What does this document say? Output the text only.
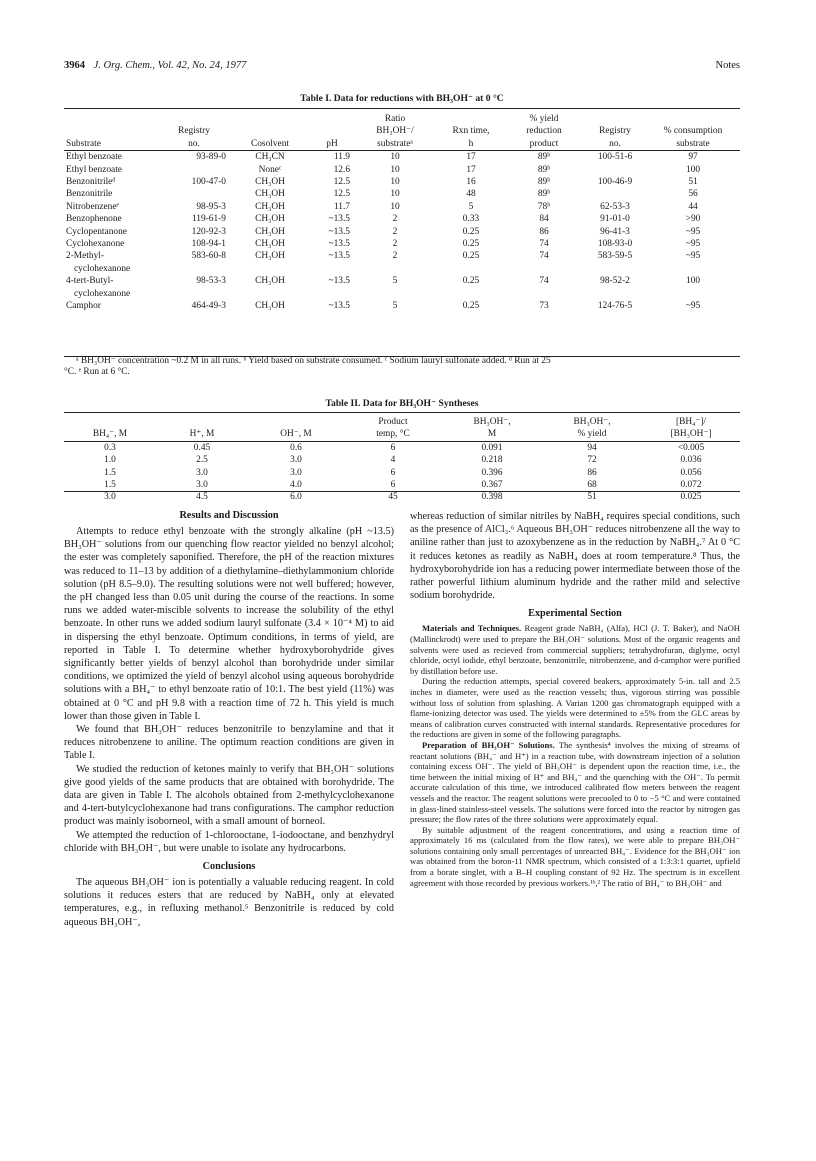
3964 J. Org. Chem., Vol. 42, No. 24, 1977	Notes
Table I. Data for reductions with BH₃OH⁻ at 0 °C
				Ratio		% yield		
	Registry			BH₃OH⁻/	Rxn time,	reduction	Registry	% consumption
Substrate	no.	Cosolvent	pH	substrateᵃ	h	product	no.	substrate
Ethyl benzoate	93-89-0	CH₃CN	11.9	10	17	89ᵇ	100-51-6	97
Ethyl benzoate		Noneᶜ	12.6	10	17	89ᵇ		100
Benzonitrileᵈ	100-47-0	CH₃OH	12.5	10	16	89ᵇ	100-46-9	51
Benzonitrile		CH₃OH	12.5	10	48	89ᵇ		56
Nitrobenzeneᵉ	98-95-3	CH₃OH	11.7	10	5	78ᵇ	62-53-3	44
Benzophenone	119-61-9	CH₃OH	~13.5	2	0.33	84	91-01-0	>90
Cyclopentanone	120-92-3	CH₃OH	~13.5	2	0.25	86	96-41-3	~95
Cyclohexanone	108-94-1	CH₃OH	~13.5	2	0.25	74	108-93-0	~95
2-Methyl-	583-60-8	CH₃OH	~13.5	2	0.25	74	583-59-5	~95
cyclohexanone								
4-tert-Butyl-	98-53-3	CH₃OH	~13.5	5	0.25	74	98-52-2	100
cyclohexanone								
Camphor	464-49-3	CH₃OH	~13.5	5	0.25	73	124-76-5	~95
ᵃ BH₃OH⁻ concentration ~0.2 M in all runs. ᵇ Yield based on substrate consumed. ᶜ Sodium lauryl sulfonate added. ᵈ Run at 25
°C. ᵉ Run at 6 °C.
Table II. Data for BH₃OH⁻ Syntheses
			Product	BH₃OH⁻,	BH₃OH⁻,	[BH₄⁻]/
BH₄⁻, M	H⁺, M	OH⁻, M	temp, °C	M	% yield	[BH₃OH⁻]
0.3	0.45	0.6	6	0.091	94	<0.005
1.0	2.5	3.0	4	0.218	72	0.036
1.5	3.0	3.0	6	0.396	86	0.056
1.5	3.0	4.0	6	0.367	68	0.072
3.0	4.5	6.0	45	0.398	51	0.025
Results and Discussion

Attempts to reduce ethyl benzoate with the strongly alkaline (pH ~13.5) BH₃OH⁻ solutions from our quenching flow reactor yielded no benzyl alcohol; the ester was completely saponified. Therefore, the pH of the reaction mixtures was reduced to 11–13 by addition of a diethylamine–diethylammonium chloride solution (pH 8.5–9.0). The resulting solutions were not well buffered; however, the pH changed less than 0.05 unit during the course of the reactions. In some runs we added water-miscible solvents to increase the solubility of the ethyl benzoate. In other runs we added sodium lauryl sulfonate (3.4 × 10⁻⁴ M) to aid in dispersing the ethyl benzoate. Optimum conditions, in terms of yield, are reported in Table I. To determine whether hydroxyborohydride gives significantly better yields of benzyl alcohol than borohydride under similar conditions, we optimized the yield of benzyl alcohol using aqueous borohydride solutions with a BH₄⁻ to ethyl benzoate ratio of 10:1. The best yield (11%) was obtained at 0 °C and pH 9.8 with a reaction time of 72 h. This yield is much lower than those given in Table I.

We found that BH₃OH⁻ reduces benzonitrile to benzylamine and that it reduces nitrobenzene to aniline. The optimum reaction conditions are given in Table I.

We studied the reduction of ketones mainly to verify that BH₃OH⁻ solutions give good yields of the same products that are obtained with borohydride. The data are given in Table I. The alcohols obtained from 2-methylcyclohexanone and 4-tert-butylcyclohexanone had trans configurations. The camphor reduction product was mainly isoborneol, with a small amount of borneol.

We attempted the reduction of 1-chlorooctane, 1-iodooctane, and benzhydryl chloride with BH₃OH⁻, but were unable to isolate any hydrocarbons.

Conclusions

The aqueous BH₃OH⁻ ion is potentially a valuable reducing reagent. In cold solutions it reduces esters that are reduced by NaBH₄ only at elevated temperatures, e.g., in refluxing methanol.⁵ Benzonitrile is reduced by cold aqueous BH₃OH⁻,

whereas reduction of similar nitriles by NaBH₄ requires special conditions, such as the presence of AlCl₃.⁶ Aqueous BH₃OH⁻ reduces nitrobenzene all the way to aniline rather than just to azoxybenzene as in the reduction by NaBH₄.⁷ At 0 °C it reduces ketones as readily as NaBH₄ does at room temperature.⁸ Thus, the hydroxyborohydride ion has a reducing power intermediate between those of the rather powerful lithium aluminum hydride and the rather mild and selective sodium borohydride.

Experimental Section

Materials and Techniques. Reagent grade NaBH₄ (Alfa), HCl (J. T. Baker), and NaOH (Mallinckrodt) were used to prepare the BH₃OH⁻ solutions. Most of the organic reagents and solvents were used as recieved from commercial suppliers; tetrahydrofuran, diglyme, octyl chloride, octyl iodide, ethyl benzoate, benzonitrile, nitrobenzene, and d-camphor were purified by distillation before use.

During the reduction attempts, special covered beakers, approximately 5-in. tall and 2.5 inches in diameter, were used as the reaction vessels; thus, vigorous stirring was possible without loss of solution from splashing. A Varian 1200 gas chromatograph equipped with a flame-ionizing detector was used. The yields were determined to ±5% from the GLC areas by means of calibration curves constructed with internal standards. Representative procedures for the reductions are given in some of the following paragraphs.

Preparation of BH₃OH⁻ Solutions. The synthesis⁴ involves the mixing of streams of reactant solutions (BH₄⁻ and H⁺) in a reaction tube, with downstream injection of a solution containing excess OH⁻. The yield of BH₃OH⁻ is dependent upon the reaction time, i.e., the time between the initial mixing of H⁺ and BH₄⁻ and the quenching with the OH⁻. To permit accurate calculation of this time, we introduced calibrated flow meters between the reagent vessels and the reactor. The reagent solutions were precooled to 0 to −5 °C and were contained in glass-lined stainless-steel vessels. The solutions were forced into the reactor by nitrogen gas pressure; the flow rates of the three solutions were approximately equal.

By suitable adjustment of the reagent concentrations, and using a reaction time of approximately 16 ms (calculated from the flow rates), we were able to prepare BH₃OH⁻ solutions containing only small percentages of unreacted BH₄⁻. Evidence for the BH₃OH⁻ ion was obtained from the boron-11 NMR spectrum, which consisted of a 1:3:3:1 quartet, upfield from a borate singlet, with a B–H coupling constant of 92 Hz. The spectrum is in excellent agreement with those recorded by previous workers.¹ᵇ,² The ratio of BH₄⁻ to BH₃OH⁻ and
